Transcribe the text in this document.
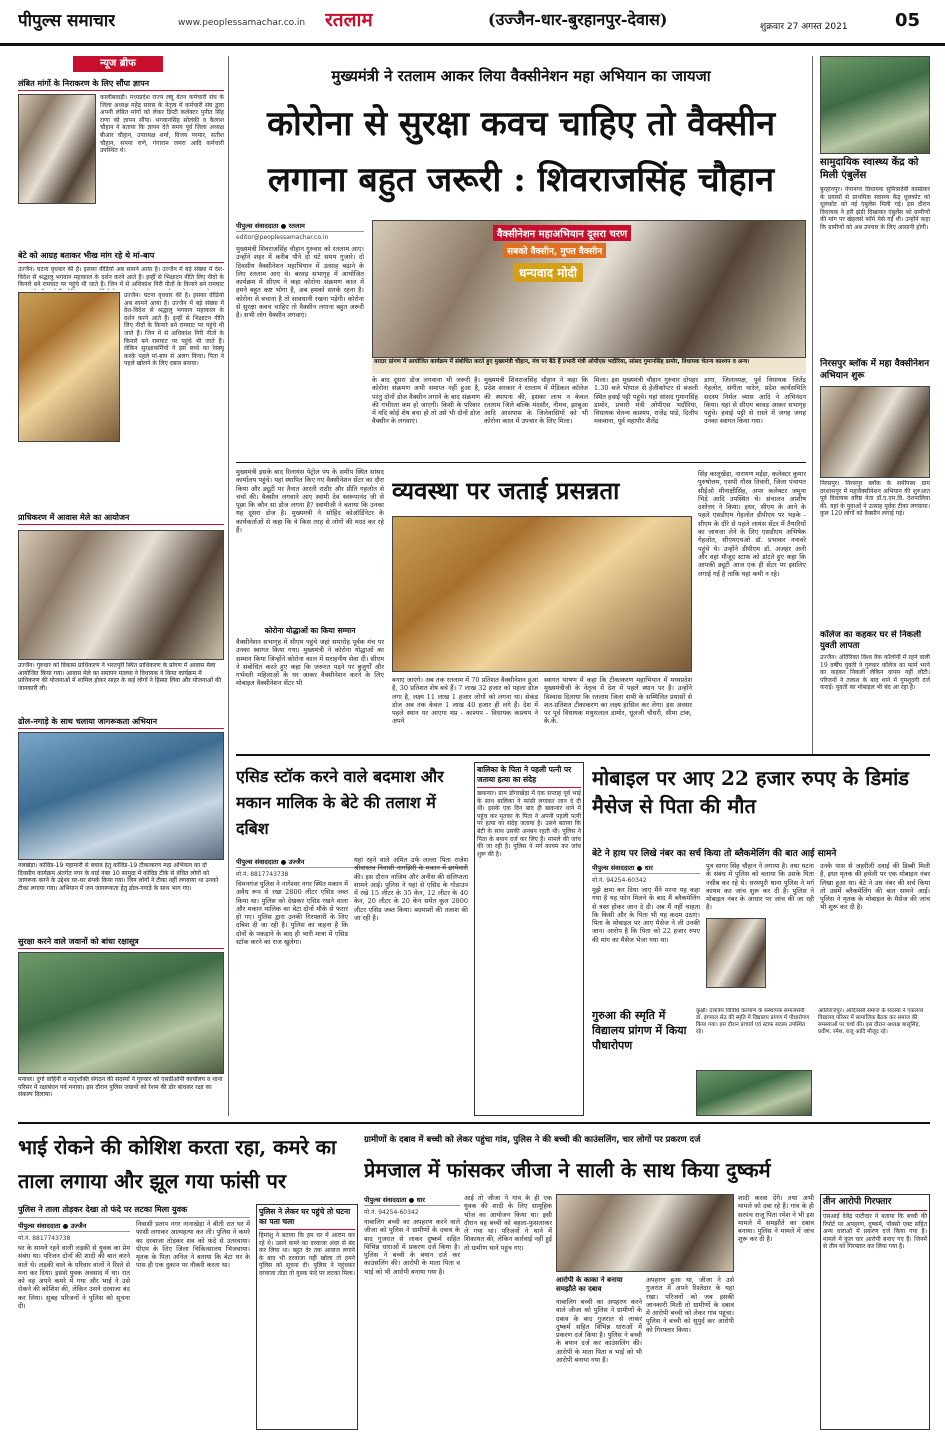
पीपुल्स समाचार	www.peoplessamachar.co.in रतलाम	(उज्जैन-धार-बुरहानपुर-देवास)	शुक्रवार 27 अगस्त 2021	05
न्यूज ब्रीफ
लंबित मांगों के निराकरण के लिए सौंपा ज्ञापन
कालीबावड़ी। मध्यप्रदेश राज्य लघु वेतन कर्मचारी संघ के जिला अध्यक्ष महेंद्र सारस के नेतृत्व में कर्मचारी संघ द्वारा अपनी लंबित मांगों को लेकर डिप्टी कलेक्टर पुनीत सिंह राणा को ज्ञापन सौंपा। भगवानसिंह सोलंकी व कैलाश चौहान ने बताया कि ज्ञापन देते समय पूर्व जिला अध्यक्ष बीआर चौहान, उपाध्यक्ष शर्मा, विजय परमार, सतीश चौहान, सपना राणे, गंगाराम जमरा आदि कर्मचारी उपस्थित थे।
बेटे को आग्रह बताकर भीख मांग रहे थे मां-बाप
उज्जैन। घटना वृधवार की है। इसका वीडियो अब सामने आया है। उज्जैन में बड़े संख्या में देश-विदेश से श्रद्धालु भगवान महाकाल के दर्शन करने आते हैं। इन्हीं से भिक्षाटन नीति लिए नीदों के किनारे बने रामघाट पर पहुंचे थी जाते हैं। जिन में से अधिकांश निरी नीतों के किनारे बने रामघाट
उज्जैन। घटना वृधवार की है। इसका वीडियो अब सामने आया है। उज्जैन में बड़े संख्या में देश-विदेश से श्रद्धालु भगवान महाकाल के दर्शन करने आते हैं। इन्हीं से भिक्षाटन नीति लिए नीदों के किनारे बने रामघाट पर पहुंचे थी जाते हैं। जिन में से अधिकांश निरी नीतों के किनारे बने रामघाट पर पहुंचे भी जाते हैं। लेकिन सुरक्षाकर्मियों ने इस बच्चे का रेस्क्यू करके पहले मां-बाप से अलग किया। पिता ने पहले खोलने के लिए दबाव बनाया।
प्राधिकरण में आवास मेले का आयोजन
उज्जैन। गुरुवार को विकास प्राधिकरण ने भरतपुरी स्थित प्राधिकरण के प्रांगण में आवास मेला आयोजित किया गया। आवास मेले का समापन मालवा ने विधायक ने किया कार्यक्रम में प्राधिकरण की योजनाओं में शामिल होकर साहर के कई लोगों ने हिस्सा लिया और योजनाओं की जानकारी ली।
ढोल-नगाड़े के साथ चलाया जागरूकता अभियान
नलखेड़ा। कोविड-19 महामारी से बचाव हेतु कोविड-19 टीकाकरण महा अभियान का दो दिवसीय कार्यक्रम अंतर्गत नगर के वार्ड नंबर 10 सामुदा में कोविड टीके से वंचित लोगों को जागरूक करने के उद्देश्य घर-घर संपर्क किया गया। जिन लोगों ने टीका नहीं लगवाया था उनको टीका लगाया गया। अभियान में जन जागरूकता हेतु ढोल-नगाड़े के साथ भाग गए।
सुरक्षा करने वाले जवानों को बांधा रक्षासूत्र
मनावर। दुर्गा वाहिनी व मातृशक्ति संगठन की सदस्यों ने गुरुवार को एसडीओपी कार्यालय व थाना परिसर में रक्षाबंधन पर्व मनाया। इस दौरान पुलिस जवानों को रेशम की डोर बांधकर रक्षा का संकल्प दिलाया।
मुख्यमंत्री ने रतलाम आकर लिया वैक्सीनेशन महा अभियान का जायजा
कोरोना से सुरक्षा कवच चाहिए तो वैक्सीन लगाना बहुत जरूरी : शिवराजसिंह चौहान
पीपुल्स संवाददाता ● रतलाम
editor@peoplessamachar.co.in
मुख्यमंत्री शिवराजसिंह चौहान गुरुवार को रतलाम आए। उन्होंने शहर में करीब पौने दो घंटे समय गुजारे। दो दिवसीय वैक्सीनेशन महाभियान में उत्साह बढ़ाने के लिए रतलाम आए थे। बरवड़ सभागृह में आयोजित कार्यक्रम में सीएम ने कहा कोरोना संक्रमण काल में हमने बहुत कष्ट भोगा है, अब हमको सतर्क रहना है। कोरोना से बचाना है तो सावधानी रखना पड़ेगी। कोरोना से सुरक्षा कवच चाहिए तो वैक्सीन लगाना बहुत जरूरी है। सभी लोग वैक्सीन लगवाएं।
वैक्सीनेशन महाअभियान दूसरा चरण
सबको वैक्सीन, मुफ्त वैक्सीन
धन्यवाद मोदी
वरदार प्रांगण में आयोजित कार्यक्रम में संबोधित करते हुए मुख्यमंत्री चौहान, मंच पर बैठे हैं प्रभारी मंत्री ओपीएस भदौरिया, सांसद गुमानसिंह डामोर, विधायक चेतन्य काश्यप व अन्य।
के बाद दूसरा डोज लगवाना भी जरूरी है। कोरोना संक्रमण अभी समाप्त नहीं हुआ है, परंतु दोनों डोज वैक्सीन लगाने के बाद संक्रमण की गंभीरता कम हो जाएगी। किसी के परिवार में यदि कोई शेष बचा हो तो उसे भी दोनों डोज वैक्सीन के लगवाएं।
मुख्यमंत्री शिवराजसिंह चौहान ने कहा कि प्रदेश सरकार ने रतलाम में मेडिकल कॉलेज की स्थापना की, इसका लाभ न केवल रतलाम जिले बल्कि मंदसौर, नीमच, झाबुआ आदि आसपास के जिलेवासियों को भी कोरोना काल में उपचार के लिए मिला।
मिला। इस मुख्यमंत्री चौहान गुरुवार दोपहर 1.30 बजे भोपाल से हेलीकॉप्टर से बंजली स्थित हवाई पट्टी पहुंचे। यहां सांसद गुमानसिंह डामोर, प्रभारी मंत्री ओपीएस भदौरिया, विधायक चेतन्य काश्यप, राजेंद्र पांडे, दिलीप मकवाना, पूर्व महापौर शैलेंद्र
डागा, जिलाध्यक्ष, पूर्व विधायक जितेंद्र गेहलोत, संगीता चारेल, प्रदेश कार्यसमिति सदस्य निर्मल व्यास आदि ने अभिनंदन किया। यहां से सीएम बरवड़ आकर सभागृह पहुंचे। हवाई पट्टी से रास्ते में जगह जगह उनका स्वागत किया गया।
मुख्यमंत्री इसके बाद रिलायंस पेट्रोल पंप के समीप स्थित सांसद कार्यालय पहुंचे। यहां स्थापित किए गए वैक्सीनेशन सेंटर का दौरा किया और ड्यूटी पर तैनात आरती राठौर और प्रीति गहलोत से चर्चा की। वैक्सीन लगवाने आए स्वामी देव स्वरूपानंद जी से पूछा कि कौन सा डोज लगना है? स्वामीजी ने बताया कि उनका यह दूसरा डोज है। मुख्यमंत्री ने सोहिंद कोऑर्डिनेटर के कार्यकर्ताओं से कहा कि वे किस तरह से लोगों की मदद कर रहे हैं।
कोरोना योद्धाओं का किया सम्मान
वैक्सीनेशन सभागृह में सीएम पहुंचे जहां समारोह पूर्वक मंच पर उनका स्वागत किया गया। मुख्यमंत्री ने कोरोना योद्धाओं का सम्मान किया जिन्होंने कोरोना काल में सराहनीय सेवा दी। सीएम ने संबोधित करते हुए कहा कि जरूरत पड़ने पर बुजुर्गों और गर्भवती महिलाओं के घर जाकर वैक्सीनेशन करने के लिए मोबाइल वैक्सीनेशन सेंटर भी
व्यवस्था पर जताई प्रसन्नता
बनाए जाएंगे। अब तक रतलाम में 70 प्रतिशत वैक्सीनेशन हुआ है, 30 प्रतिशत शेष बचे हैं। 7 लाख 32 हजार को पहला डोज लगा है, लक्ष्य 11 लाख 1 हजार लोगों को लगना था। सेकंड डोज अब तक केवल 1 लाख 40 हजार ही लगे हैं। देश में पहले स्थान पर आएगा मप्र - काश्यप - विधायक काश्यप ने अपने
स्वागत भाषण में कहा कि टीकाकरण महाभियान में मध्यप्रदेश मुख्यमंत्रीजी के नेतृत्व में देश में पहले स्थान पर है। उन्होंने विश्वास दिलाया कि रतलाम जिला सभी के सम्मिलित प्रयासों से शत-प्रतिशत टीकाकरण का लक्ष्य हासिल कर लेगा। इस अवसर पर पूर्व विधायक मथुरालाल डामोर, धूलजी चौधरी, सीमा टांक, के.के.
सिंह कालूखेड़ा, नारायण मईड़ा, कलेक्टर कुमार पुरुषोत्तम, एसपी गौरव तिवारी, जिला पंचायत सीईओ मीनाक्षीसिंह, अपर कलेक्टर जमुना भिड़े आदि उपस्थित थे। संचालन आशीष दशोत्तर ने किया। इधर, सीएम के आने के पहले एसडीएम गेहलोत डीपीएम पर भड़के - सीएम के दौरे से पहले लायंस सेंटर में तैयारियों का जायजा लेने के लिए एसडीएम अभिषेक गेहलोत, सीएमएचओ डॉ. प्रभाकर ननावरे पहुंचे थे। उन्होंने डीपीएम डॉ. अजहर अली और वहां मौजूद स्टाफ को डांटते हुए कहा कि आपकी ड्यूटी आज एक ही सेंटर पर इसलिए लगाई गई है ताकि यहां कमी न रहे।
सामुदायिक स्वास्थ्य केंद्र को मिली एंबुलेंस
बुरहानपुर। नेपानगर विधायक सुमित्रादेवी कास्डेकर के प्रयासों से प्राथमिक स्वास्थ्य केंद्र धूलकोट को धूलकोट को नई एंबुलेंस मिली गई। इस दौरान विधायक ने हरी झंडी दिखाकर एंबुलेंस को ग्रामीणों की मांग पर खेहलसे फॉर्म मेसे गईं थी। उन्होंने कहा कि ग्रामीणों को अब उपचार के लिए आसानी होगी।
निरसपुर ब्लॉक में महा वैक्सीनेशन अभियान शुरू
निरसपुर। निरसपुर ब्लॉक के समीपस्थ ग्राम दरशासपुर में महावैक्सीनेशन अभियान की शुरुआत पूर्व विधायक वरिष्ठ नेता डॉ.ए.एम.वि. देशपालिया की. यहां के युवाओं ने उत्साह पूर्वक टीका लगवाया। कुल 120 लोगों को वैक्सीन लगाई गई।
कॉलेज का कहकर घर से निकली युवती लापता
उज्जैन। अंतिरिक्त विश्व वैक कॉलोनी में रहने वाली 19 वर्षीय युवती ने गुरुवार कॉलेज का फार्म भरने का कहकर निकली लेकिन वापस नहीं लौटी। परिजनों ने तलाश के बाद थाने में गुमशुदगी दर्ज कराई। युवती का मोबाइल भी बंद आ रहा है।
एसिड स्टॉक करने वाले बदमाश और मकान मालिक के बेटे की तलाश में दबिश
पीपुल्स संवाददाता ● उज्जैन
मो.नं. 8817743738
चिमनगंज पुलिस ने नागेश्वर नगर स्थित मकान में अवैध रूप से रखा 2800 लीटर एसिड जब्त किया था। पुलिस को देखकर एसिड रखने वाला और मकान मालिक का बेटा दोनों मौके से फरार हो गए। पुलिस द्वारा उनकी गिरफ्तारी के लिए दबिश दी जा रही है। पुलिस का कहना है कि दोनों के पकड़ाने के बाद ही भारी मात्रा में एसिड स्टॉक करने का राज खुलेगा।
यहां रहने वाले अमित उर्फ लल्ला पिता राजेश श्रीवास्तव निवासी नागझिरी के मकान में छापेमारी की। इस दौरान नाजिम और अनीस की संलिप्तता सामने आई। पुलिस ने यहां से एसिड के गोडाउन में रखे 15 लीटर के 35 केन, 12 लीटर के 40 केन, 20 लीटर के 20 केन समेत कुल 2800 लीटर एसिड जब्त किया। बदमाशों की तलाश की जा रही है।
बालिका के पिता ने पहली पत्नी पर जताया हत्या का संदेह
खकनार। ग्राम डोंगरखेड़ा में एक सप्ताह पूर्व भाई के साथ बालिका ने फांसी लगाकर जान दे दी थी। इसके एक दिन बाद ही खकनार थाने में पहुंच कर मृतका के पिता ने अपनी पहली पत्नी पर हत्या का संदेह जताया है। उसने बताया कि बेटी के साथ उसकी अनबन रहती थी। पुलिस ने पिता के बयान दर्ज कर लिए हैं। मामले की जांच की जा रही है। पुलिस ने मर्ग कायम कर जांच शुरू की है।
मोबाइल पर आए 22 हजार रुपए के डिमांड मैसेज से पिता की मौत
बेटे ने हाथ पर लिखे नंबर का सर्च किया तो ब्लैकमेलिंग की बात आई सामने
पीपुल्स संवाददाता ● धार
मो.नं. 94254-60342
मुझे क्षमा कर दिया जाए मैंने मरना यह कहा गया है यह फोन मिलने के बाद मैं ब्लैकमेलिंग से त्रस्त होकर जान दे दी। अब मैं नहीं चाहता कि किसी और के पिता भी यह कदम उठाएं। पिता के मोबाइल पर आए मैसेज ने ली उनकी जान। आरोप है कि पिता को 22 हजार रुपए की मांग का मैसेज भेजा गया था।
पुत्र सागर सिंह चौहान ने लगाया है। तथा घटना के संबंध में पुलिस को बताया कि उसके पिता नसीब कर रहे थे। धरमपुरी थाना पुलिस ने मर्ग कायम कर जांच शुरू कर दी है। पुलिस ने मोबाइल नंबर के आधार पर जांच की जा रही है।
उनके पास से जहरीली दवाई की डिब्बी मिली है, इधर मृतक की हथेली पर एक मोबाइल नंबर लिखा हुआ था। बेटे ने उस नंबर की सर्च किया तो उसमें ब्लैकमेलिंग की बात सामने आई। पुलिस ने मृतक के मोबाइल के मैसेज की जांच भी शुरू कर दी है।
गुरुआ की स्मृति में विद्यालय प्रांगण में किया पौधारोपण
कुक्षी। दत्तात्रेय विविधि कल्याण के संस्थापक समाजसेवी डॉ. इंगपाल सेठ की स्मृति में विद्यालय प्रांगण में पौधारोपण किया गया। इस दौरान प्राचार्य एवं स्टाफ सदस्य उपस्थित रहे।
आलिराजपुर। आदिवासी समाज के सदस्यों ने एकलव्य विद्यालय परिसर में सामाजिक बैठक कर समाज की समस्याओं पर चर्चा की। इस दौरान अध्यक्ष बालूसिंह, प्रवीण, रमेश, राजू आदि मौजूद रहे।
भाई रोकने की कोशिश करता रहा, कमरे का ताला लगाया और झूल गया फांसी पर
पुलिस ने ताला तोड़कर देखा तो फंदे पर लटका मिला युवक
पीपुल्स संवाददाता ● उज्जैन
मो.नं. 8817743738
घर के सामने रहने वाली लड़की से युवक का प्रेम संबंध था। परिजन दोनों की शादी की बात करने वाले थे। लड़की वाले के परिवार वालों ने रिश्ते से मना कर दिया। इससे युवक अवसाद में था। रात को वह अपने कमरे में गया और भाई ने उसे रोकने की कोशिश की, लेकिन उसने दरवाजा बंद कर लिया। सुबह परिजनों ने पुलिस को सूचना दी।
निवासी प्रताप नगर नानाखेड़ा ने बीती रात घर में फांसी लगाकर आत्महत्या कर ली। पुलिस ने कमरे का दरवाजा तोड़कर शव को फंदे से उतरवाया। पीएम के लिए जिला चिकित्सालय भिजवाया। मृतक के पिता अनिल ने बताया कि बेटा घर के पास ही एक दुकान पर नौकरी करता था।
पुलिस ने लेकर घर पहुंचे तो घटना का पता चला
हिमांशु ने बताया कि हम घर में आराम कर रहे थे। उसने कमरे का दरवाजा अंदर से बंद कर लिया था। बहुत देर तक आवाज लगाने के बाद भी दरवाजा नहीं खोला तो हमने पुलिस को सूचना दी। पुलिस ने पहुंचकर दरवाजा तोड़ा तो युवक फंदे पर लटका मिला।
ग्रामीणों के दबाव में बच्ची को लेकर पहुंचा गांव, पुलिस ने की बच्ची की काउंसलिंग, चार लोगों पर प्रकरण दर्ज
प्रेमजाल में फांसकर जीजा ने साली के साथ किया दुष्कर्म
पीपुल्स संवाददाता ● धार
मो.नं. 94254-60342
नाबालिग बच्ची का अपहरण करने वाले जीजा को पुलिस ने ग्रामीणों के दबाव के बाद गुजरात से लाकर दुष्कर्म सहित विभिन्न धाराओं में प्रकरण दर्ज किया है। पुलिस ने बच्ची के बयान दर्ज कर काउंसलिंग की। आरोपी के माता पिता व भाई को भी आरोपी बनाया गया है।
आई तो जीजा ने गांव के ही एक युवक की शादी के लिए सामूहिक भोज का आयोजन किया था। इसी दौरान वह बच्ची को बहला-फुसलाकर ले गया था। परिजनों ने थाने में शिकायत की, लेकिन कार्रवाई नहीं हुई तो ग्रामीण थाने पहुंच गए।
आरोपी के काका ने बनाया समझौते का दबाव
अपहरण हुआ था, जीजा ने उसे गुजरात में अपने रिश्तेदार के यहां रखा। परिजनों को जब इसकी जानकारी मिली तो ग्रामीणों के दबाव में आरोपी बच्ची को लेकर गांव पहुंचा। पुलिस ने बच्ची को सुपुर्द कर आरोपी को गिरफ्तार किया।
शादी करवा देंगे। तथा अभी मामले को दबा रहे हैं। गांव के ही सरपंच राजू पिता रमेश ने भी इस मामले में समझौते का दबाव बनाया। पुलिस ने मामले में जांच शुरू कर दी है।
नाबालिग बच्ची का अपहरण करने वाले जीजा को पुलिस ने ग्रामीणों के दबाव के बाद गुजरात से लाकर दुष्कर्म सहित विभिन्न धाराओं में प्रकरण दर्ज किया है। पुलिस ने बच्ची के बयान दर्ज कर काउंसलिंग की। आरोपी के माता पिता व भाई को भी आरोपी बनाया गया है।
तीन आरोपी गिरफ्तार
एसआई देवेंद्र पाटीदार ने बताया कि बच्ची की रिपोर्ट पर अपहरण, दुष्कर्म, पॉक्सो एक्ट सहित अन्य धाराओं में प्रकरण दर्ज किया गया है। मामले में कुल चार आरोपी बनाए गए हैं। जिनमें से तीन को गिरफ्तार कर लिया गया है।
